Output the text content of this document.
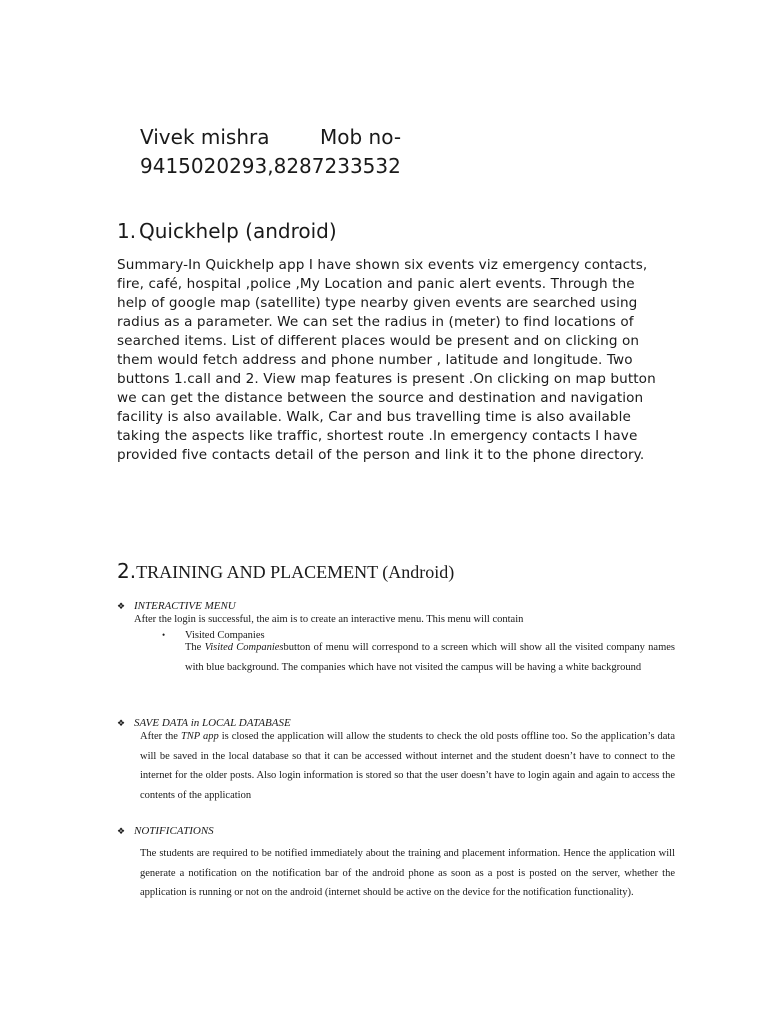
Vivek mishra	Mob no-
9415020293,8287233532
1. Quickhelp (android)
Summary-In Quickhelp app I have shown six events viz emergency contacts, fire, café, hospital ,police ,My Location and panic alert events. Through the help of google map (satellite) type nearby given events are searched using radius as a parameter. We can set the radius in (meter) to find locations of searched items. List of different places would be present and on clicking on them would fetch address and phone number , latitude and longitude. Two buttons 1.call and 2. View map features is present .On clicking on map button we can get the distance between the source and destination and navigation facility is also available. Walk, Car and bus travelling time is also available taking the aspects like traffic, shortest route .In emergency contacts I have provided five contacts detail of the person and link it to the phone directory.
2.TRAINING AND PLACEMENT (Android)
❖ INTERACTIVE MENU
After the login is successful, the aim is to create an interactive menu. This menu will contain
• Visited Companies
The Visited Companiesbutton of menu will correspond to a screen which will show all the visited company names with blue background. The companies which have not visited the campus will be having a white background
❖ SAVE DATA in LOCAL DATABASE
After the TNP app is closed the application will allow the students to check the old posts offline too. So the application’s data will be saved in the local database so that it can be accessed without internet and the student doesn’t have to connect to the internet for the older posts. Also login information is stored so that the user doesn’t have to login again and again to access the contents of the application
❖ NOTIFICATIONS
The students are required to be notified immediately about the training and placement information. Hence the application will generate a notification on the notification bar of the android phone as soon as a post is posted on the server, whether the application is running or not on the android (internet should be active on the device for the notification functionality).
